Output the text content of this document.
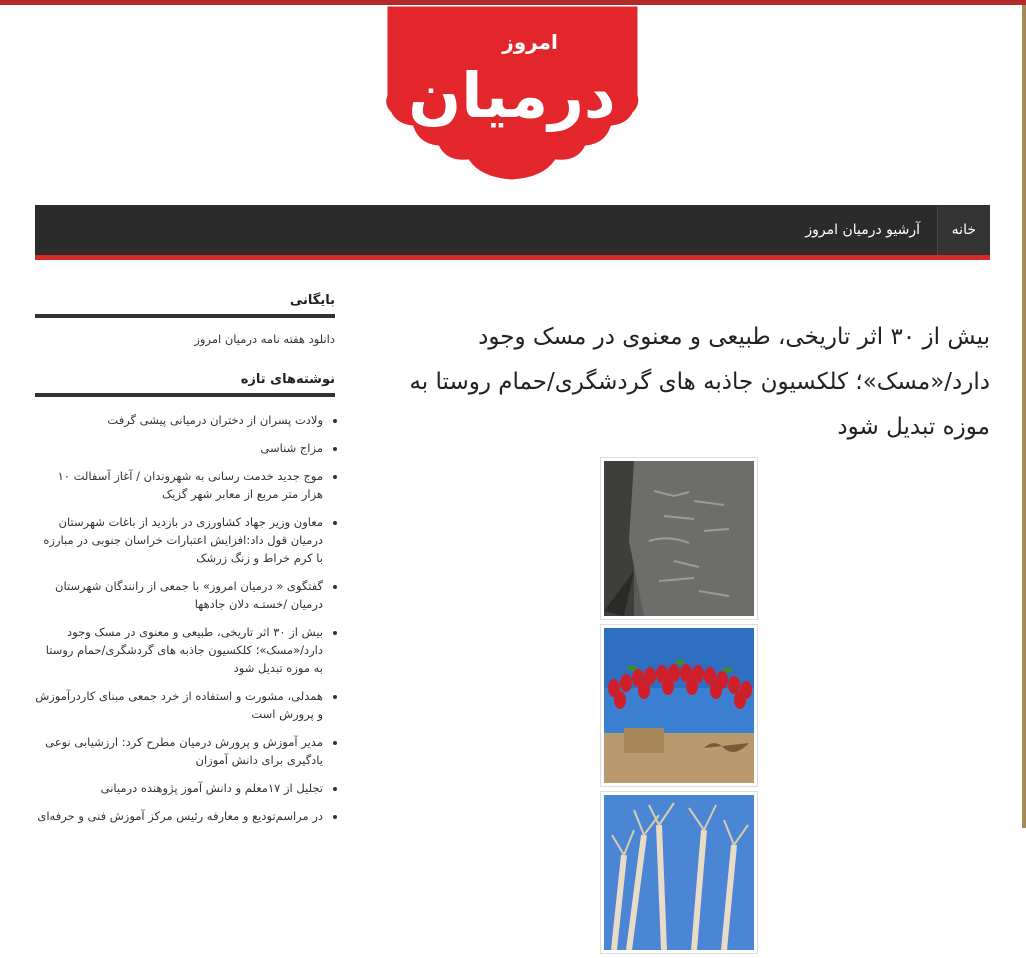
درمیان
امروز
خانه
آرشیو درمیان امروز
بیش از ۳۰ اثر تاریخی، طبیعی و معنوی در مسک وجود دارد/«مسک»؛ کلکسیون جاذبه های گردشگری/حمام روستا به موزه تبدیل شود
بایگانی
دانلود هفته نامه درمیان امروز
نوشته‌های تازه
• ولادت پسران از دختران درمیانی پیشی گرفت
• مزاج شناسی
• موج جدید خدمت رسانی به شهروندان / آغاز آسفالت ۱۰ هزار متر مربع از معابر شهر گزیک
• معاون وزیر جهاد کشاورزی در بازدید از باغات شهرستان درمیان قول داد:افزایش اعتبارات خراسان جنوبی در مبارزه با کرم خراط و زنگ زرشک
• گفتگوی « درمیان امروز» با جمعی از رانندگان شهرستان درمیان /خستـه دلان جادهها
• بیش از ۳۰ اثر تاریخی، طبیعی و معنوی در مسک وجود دارد/«مسک»؛ کلکسیون جاذبه های گردشگری/حمام روستا به موزه تبدیل شود
• همدلی، مشورت و استفاده از خرد جمعی مبنای کاردرآموزش و پرورش است
• مدیر آموزش و پرورش درمیان مطرح کرد: ارزشیابی نوعی یادگیری برای دانش آموزان
• تجلیل از ۱۷معلم و دانش آموز پژوهنده درمیانی
• در مراسم‌تودیع و معارفه رئیس مرکز آموزش فنی و حرفه‌ای
